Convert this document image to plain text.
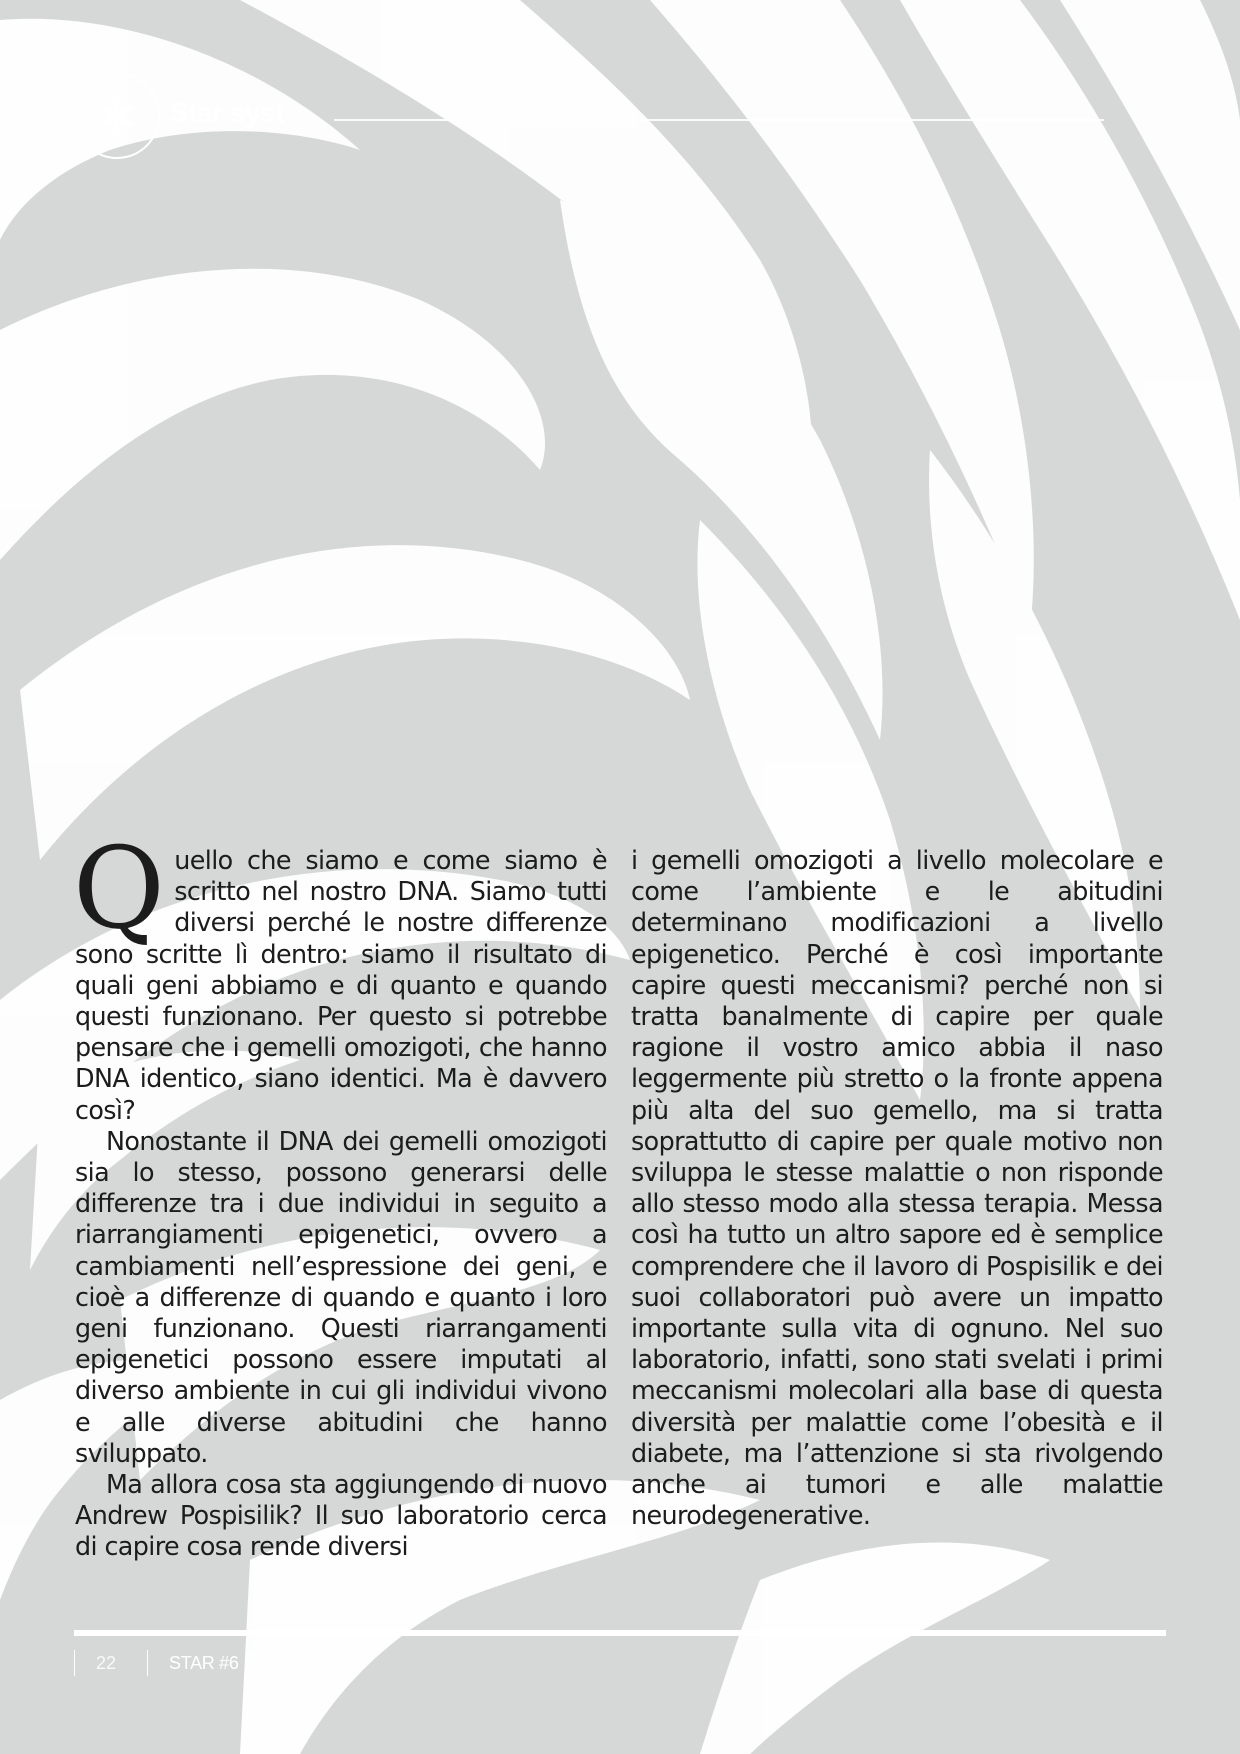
Star syst

Quello che siamo e come siamo è scritto nel nostro DNA. Siamo tutti diversi perché le nostre differenze sono scritte lì dentro: siamo il risultato di quali geni abbiamo e di quanto e quando questi funzionano. Per questo si potrebbe pensare che i gemelli omozigoti, che hanno DNA identico, siano identici. Ma è davvero così?

Nonostante il DNA dei gemelli omozigoti sia lo stesso, possono generarsi delle differenze tra i due individui in seguito a riarrangiamenti epigenetici, ovvero a cambiamenti nell’espressione dei geni, e cioè a differenze di quando e quanto i loro geni funzionano. Questi riarrangamenti epigenetici possono essere imputati al diverso ambiente in cui gli individui vivono e alle diverse abitudini che hanno sviluppato.

Ma allora cosa sta aggiungendo di nuovo Andrew Pospisilik? Il suo laboratorio cerca di capire cosa rende diversi

i gemelli omozigoti a livello molecolare e come l’ambiente e le abitudini determinano modificazioni a livello epigenetico. Perché è così importante capire questi meccanismi? perché non si tratta banalmente di capire per quale ragione il vostro amico abbia il naso leggermente più stretto o la fronte appena più alta del suo gemello, ma si tratta soprattutto di capire per quale motivo non sviluppa le stesse malattie o non risponde allo stesso modo alla stessa terapia. Messa così ha tutto un altro sapore ed è semplice comprendere che il lavoro di Pospisilik e dei suoi collaboratori può avere un impatto importante sulla vita di ognuno. Nel suo laboratorio, infatti, sono stati svelati i primi meccanismi molecolari alla base di questa diversità per malattie come l’obesità e il diabete, ma l’attenzione si sta rivolgendo anche ai tumori e alle malattie neurodegenerative.

22	STAR #6
